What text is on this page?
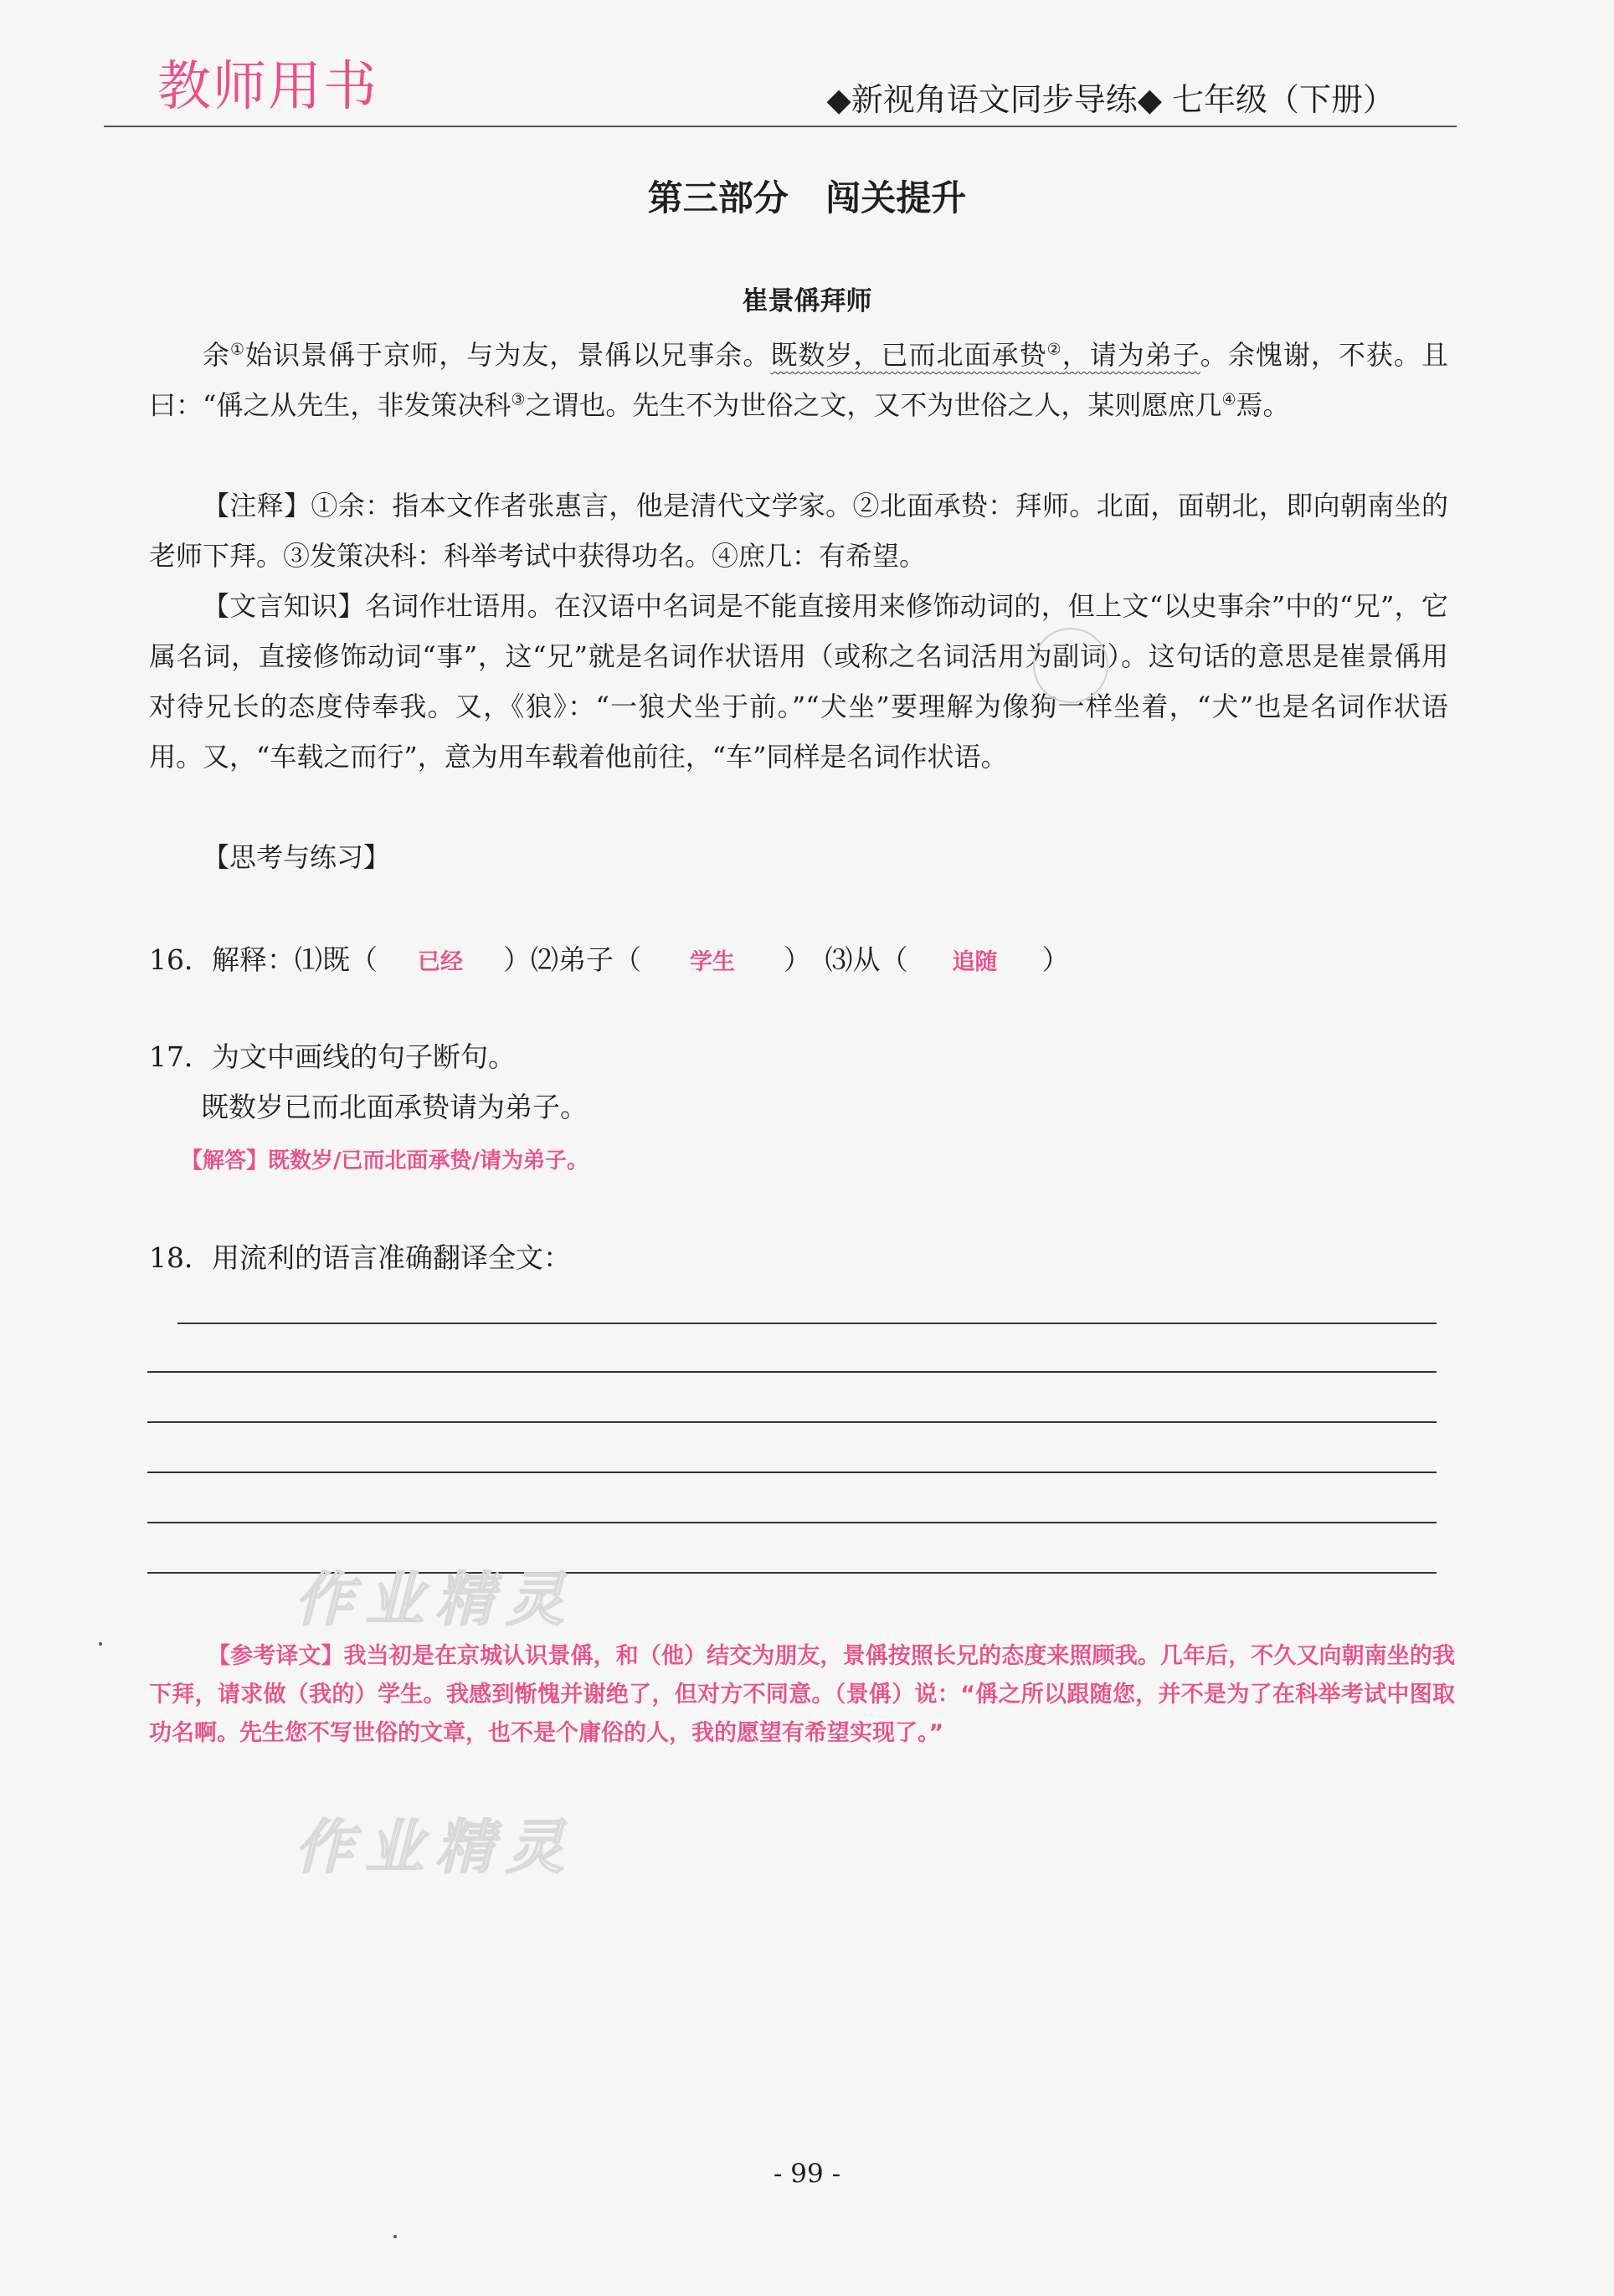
教师用书	◆新视角语文同步导练◆ 七年级（下册）
第三部分 闯关提升
崔景偁拜师
余①始识景偁于京师，与为友，景偁以兄事余。既数岁，已而北面承贽②，请为弟子。余愧谢，不获。且曰：“偁之从先生，非发策决科③之谓也。先生不为世俗之文，又不为世俗之人，某则愿庶几④焉。
【注释】①余：指本文作者张惠言，他是清代文学家。②北面承贽：拜师。北面，面朝北，即向朝南坐的老师下拜。③发策决科：科举考试中获得功名。④庶几：有希望。
【文言知识】名词作壮语用。在汉语中名词是不能直接用来修饰动词的，但上文“以史事余”中的“兄”，它属名词，直接修饰动词“事”，这“兄”就是名词作状语用（或称之名词活用为副词）。这句话的意思是崔景偁用对待兄长的态度侍奉我。又，《狼》：“一狼犬坐于前。”“犬坐”要理解为像狗一样坐着，“犬”也是名词作状语用。又，“车载之而行”，意为用车载着他前往，“车”同样是名词作状语。
【思考与练习】
16．解释：⑴既（ 已经 ）⑵弟子（ 学生 ）　⑶从（ 追随 ）
17．为文中画线的句子断句。
既数岁已而北面承贽请为弟子。
【解答】既数岁/已而北面承贽/请为弟子。
18．用流利的语言准确翻译全文：
作业精灵
【参考译文】我当初是在京城认识景偁，和（他）结交为朋友，景偁按照长兄的态度来照顾我。几年后，不久又向朝南坐的我下拜，请求做（我的）学生。我感到惭愧并谢绝了，但对方不同意。（景偁）说：“偁之所以跟随您，并不是为了在科举考试中图取功名啊。先生您不写世俗的文章，也不是个庸俗的人，我的愿望有希望实现了。”
作业精灵
- 99 -
